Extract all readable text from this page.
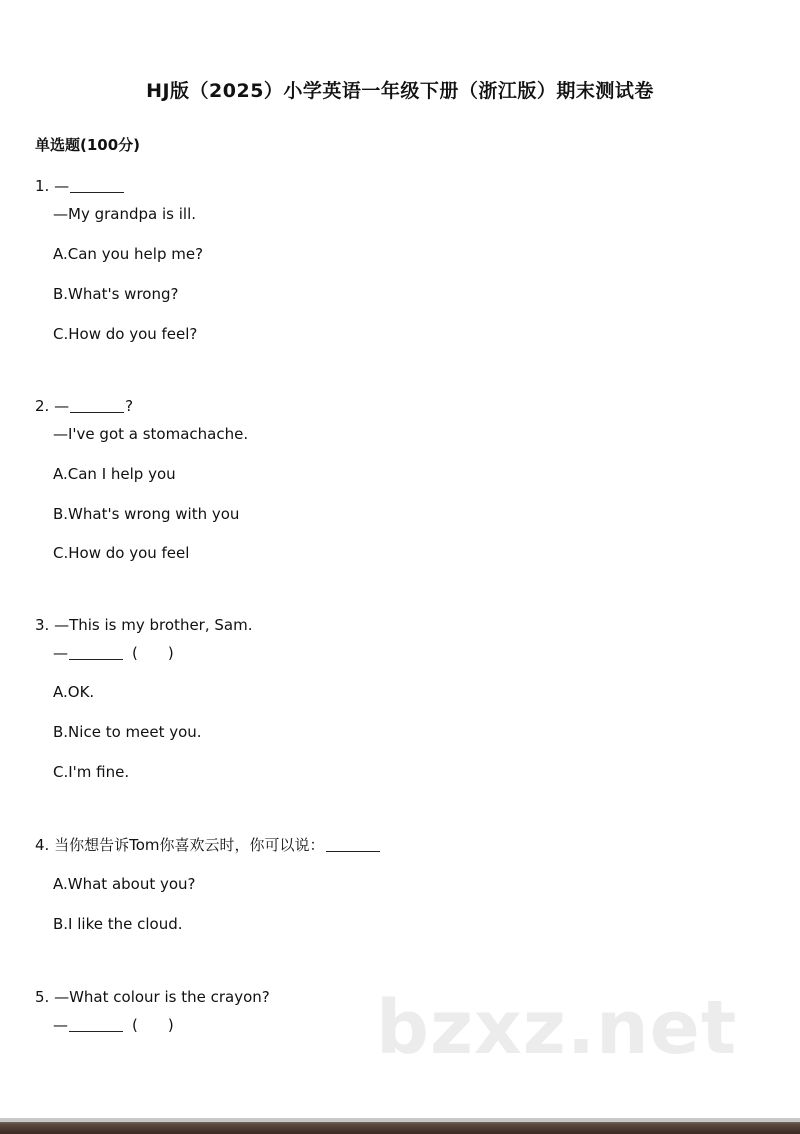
HJ版（2025）小学英语一年级下册（浙江版）期末测试卷
单选题(100分)
1. —
—My grandpa is ill.
A.Can you help me?
B.What's wrong?
C.How do you feel?
2. —	?
—I've got a stomachache.
A.Can I help you
B.What's wrong with you
C.How do you feel
3. —This is my brother, Sam.
—	(　　)
A.OK.
B.Nice to meet you.
C.I'm fine.
4. 当你想告诉Tom你喜欢云时，你可以说：
A.What about you?
B.I like the cloud.
5. —What colour is the crayon?
—	(　　)	bzxz.net
